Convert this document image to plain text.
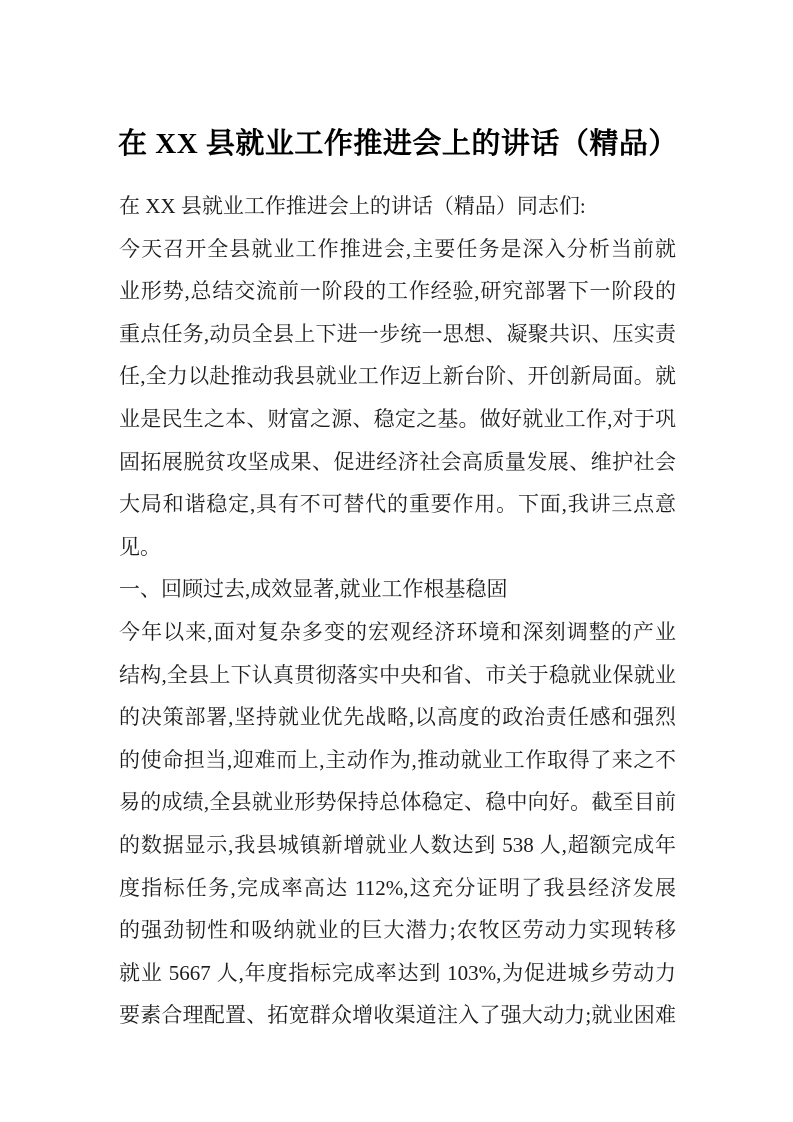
在 XX 县就业工作推进会上的讲话（精品）
在 XX 县就业工作推进会上的讲话（精品）同志们:
今天召开全县就业工作推进会,主要任务是深入分析当前就
业形势,总结交流前一阶段的工作经验,研究部署下一阶段的
重点任务,动员全县上下进一步统一思想、凝聚共识、压实责
任,全力以赴推动我县就业工作迈上新台阶、开创新局面。就
业是民生之本、财富之源、稳定之基。做好就业工作,对于巩
固拓展脱贫攻坚成果、促进经济社会高质量发展、维护社会
大局和谐稳定,具有不可替代的重要作用。下面,我讲三点意
见。
一、回顾过去,成效显著,就业工作根基稳固
今年以来,面对复杂多变的宏观经济环境和深刻调整的产业
结构,全县上下认真贯彻落实中央和省、市关于稳就业保就业
的决策部署,坚持就业优先战略,以高度的政治责任感和强烈
的使命担当,迎难而上,主动作为,推动就业工作取得了来之不
易的成绩,全县就业形势保持总体稳定、稳中向好。截至目前
的数据显示,我县城镇新增就业人数达到 538 人,超额完成年
度指标任务,完成率高达 112%,这充分证明了我县经济发展
的强劲韧性和吸纳就业的巨大潜力;农牧区劳动力实现转移
就业 5667 人,年度指标完成率达到 103%,为促进城乡劳动力
要素合理配置、拓宽群众增收渠道注入了强大动力;就业困难
